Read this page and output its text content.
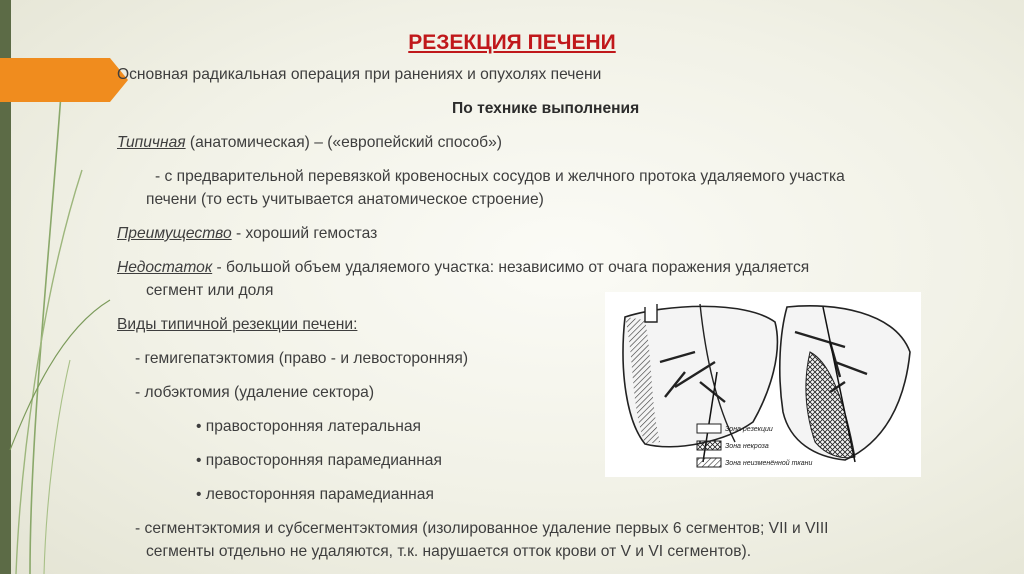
РЕЗЕКЦИЯ ПЕЧЕНИ
Основная радикальная операция при ранениях и опухолях печени
По технике выполнения
Типичная (анатомическая) – («европейский способ»)
- с предварительной перевязкой кровеносных сосудов и желчного протока удаляемого участка
печени (то есть учитывается анатомическое строение)
Преимущество - хороший гемостаз
Недостаток - большой объем удаляемого участка: независимо от очага поражения удаляется
сегмент или доля
Виды типичной резекции печени:
- гемигепатэктомия (право - и левосторонняя)
- лобэктомия (удаление сектора)
• правосторонняя латеральная
• правосторонняя парамедианная
• левосторонняя парамедианная
- сегментэктомия и субсегментэктомия (изолированное удаление первых 6 сегментов; VII и VIII
сегменты отдельно не удаляются, т.к. нарушается отток крови от V и VI сегментов).
Зона резекции
Зона некроза
Зона неизменённой ткани
